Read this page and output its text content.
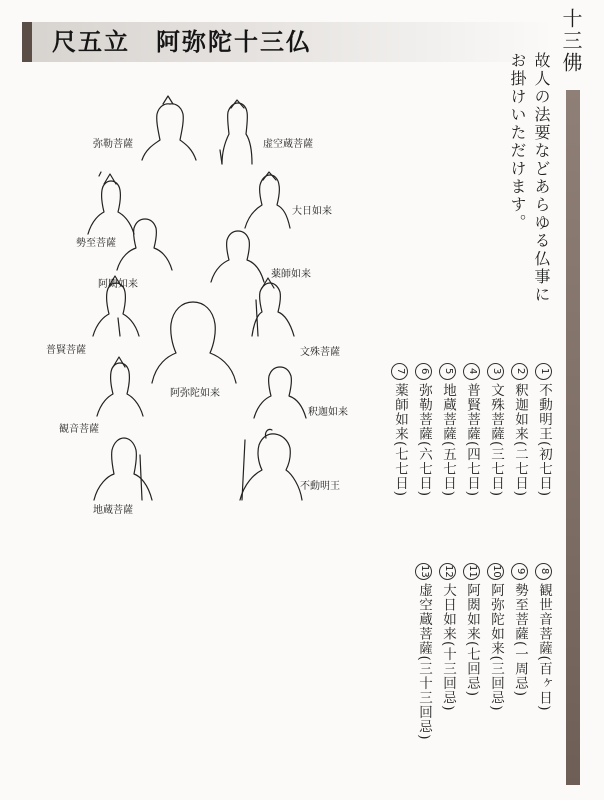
尺五立　阿弥陀十三仏	十三佛
故人の法要などあらゆる仏事に
お掛けいただけます。
1不動明王(初七日)
2釈迦如来(二七日)
3文殊菩薩(三七日)
4普賢菩薩(四七日)
5地蔵菩薩(五七日)
6弥勒菩薩(六七日)
7薬師如来(七七日)
8観世音菩薩(百ヶ日)
9勢至菩薩(一周忌)
10阿弥陀如来(三回忌)
11阿閦如来(七回忌)
12大日如来(十三回忌)
13虚空蔵菩薩(三十三回忌)
弥勒菩薩	虚空蔵菩薩
大日如来
勢至菩薩
阿閦如来
薬師如来
普賢菩薩	文殊菩薩
阿弥陀如来
観音菩薩
釈迦如来
地蔵菩薩
不動明王
